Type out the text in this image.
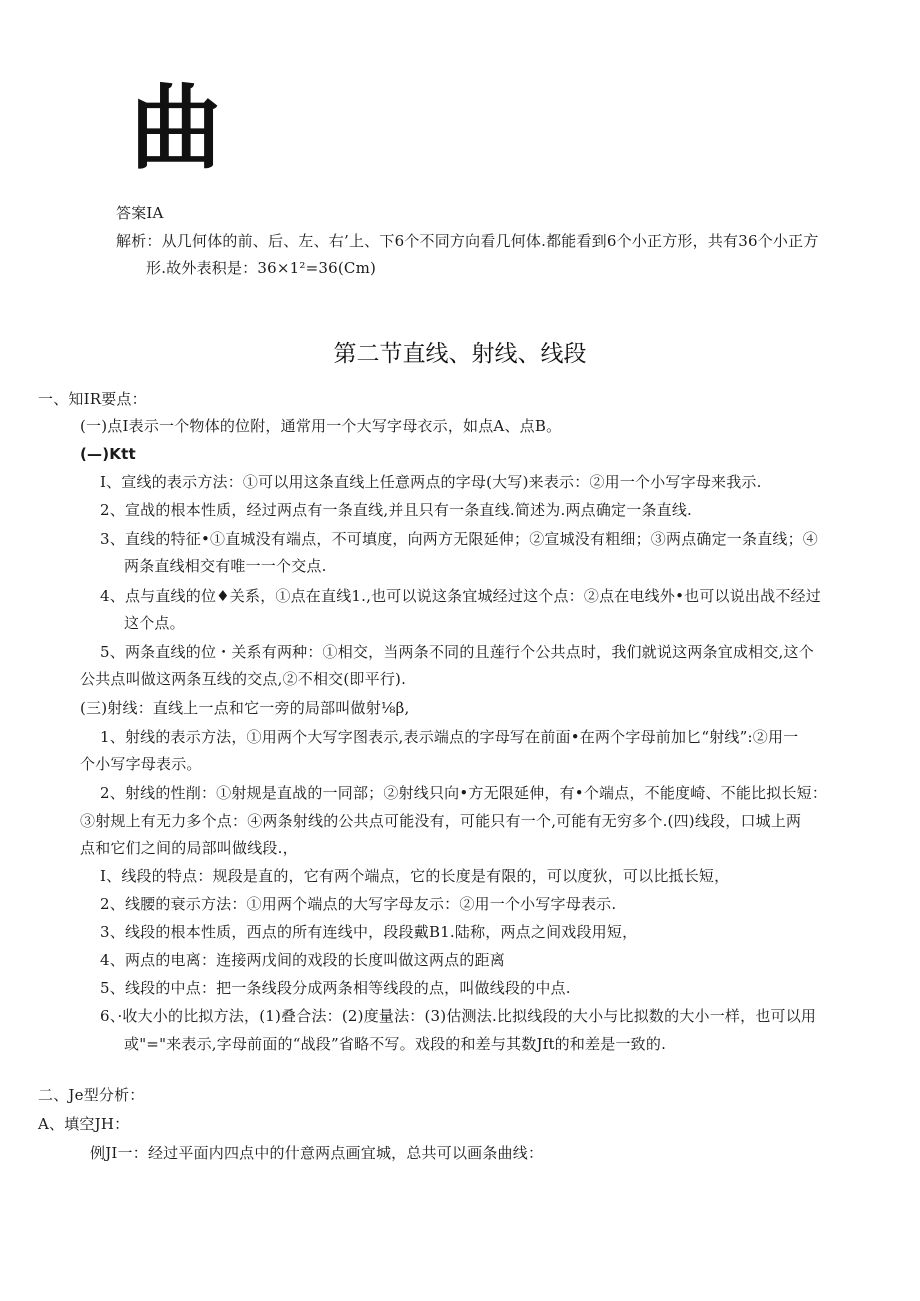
曲
答案IA
解析：从几何体的前、后、左、右’上、下6个不同方向看几何体.都能看到6个小正方形，共有36个小正方
形.故外表积是：36×1²=36(Cm)
第二节直线、射线、线段
一、知IR要点：
(一)点I表示一个物体的位附，通常用一个大写字母衣示，如点A、点B。
(—)Ktt
I、宣线的表示方法：①可以用这条直线上任意两点的字母(大写)来表示：②用一个小写字母来我示.
2、宣战的根本性质，经过两点有一条直线,并且只有一条直线.简述为.两点确定一条直线.
3、直线的特征•①直城没有端点，不可填度，向两方无限延伸；②宣城没有粗细；③两点确定一条直线；④
两条直线相交有唯一一个交点.
4、点与直线的位♦关系，①点在直线1.,也可以说这条宜城经过这个点：②点在电线外•也可以说出战不经过
这个点。
5、两条直线的位・关系有两种：①相交，当两条不同的且莲行个公共点时，我们就说这两条宜成相交,这个
公共点叫做这两条互线的交点,②不相交(即平行).
(三)射线：直线上一点和它一旁的局部叫做射⅛β,
1、射线的表示方法，①用两个大写字图表示,表示端点的字母写在前面•在两个字母前加匕“射线”:②用一
个小写字母表示。
2、射线的性削：①射规是直战的一同部；②射线只向•方无限延伸，有•个端点，不能度崎、不能比拟长短：
③射规上有无力多个点：④两条射线的公共点可能没有，可能只有一个,可能有无穷多个.(四)线段，口城上两
点和它们之间的局部叫做线段.，
I、线段的特点：规段是直的，它有两个端点，它的长度是有限的，可以度狄，可以比抵长短，
2、线腰的衰示方法：①用两个端点的大写字母友示：②用一个小写字母表示.
3、线段的根本性质，西点的所有连线中，段段戴B1.陆称，两点之间戏段用短，
4、两点的电离：连接两戊间的戏段的长度叫做这两点的距离
5、线段的中点：把一条线段分成两条相等线段的点，叫做线段的中点.
6、·收大小的比拟方法，(1)叠合法：(2)度量法：(3)估测法.比拟线段的大小与比拟数的大小一样，也可以用
或"="来表示,字母前面的“战段”省略不写。戏段的和差与其数Jft的和差是一致的.
二、Je型分析：
A、填空JH：
例JI一：经过平面内四点中的什意两点画宜城，总共可以画条曲线：
